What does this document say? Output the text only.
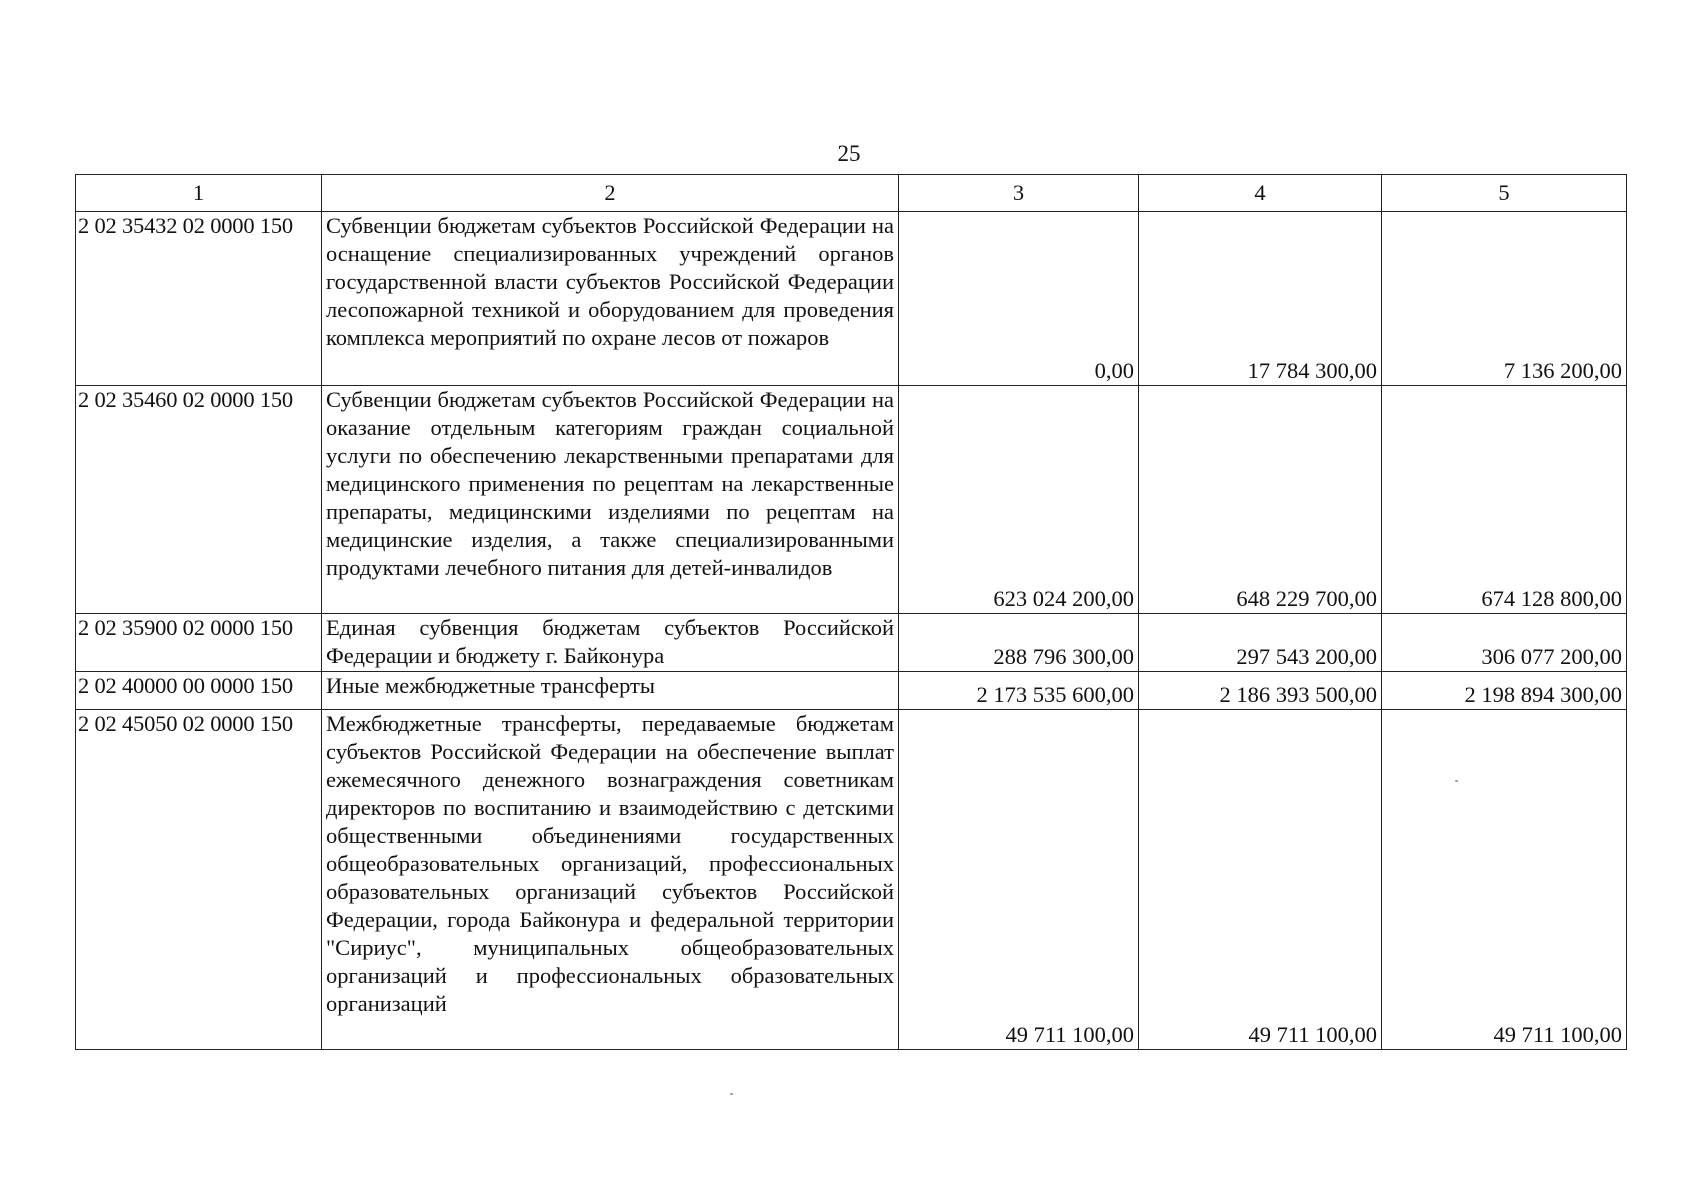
25
1	2	3	4	5
2 02 35432 02 0000 150	Субвенции бюджетам субъектов Российской Федерации на оснащение специализированных учреждений органов государственной власти субъектов Российской Федерации лесопожарной техникой и оборудованием для проведения комплекса мероприятий по охране лесов от пожаров	0,00	17 784 300,00	7 136 200,00
2 02 35460 02 0000 150	Субвенции бюджетам субъектов Российской Федерации на оказание отдельным категориям граждан социальной услуги по обеспечению лекарственными препаратами для медицинского применения по рецептам на лекарственные препараты, медицинскими изделиями по рецептам на медицинские изделия, а также специализированными продуктами лечебного питания для детей-инвалидов	623 024 200,00	648 229 700,00	674 128 800,00
2 02 35900 02 0000 150	Единая субвенция бюджетам субъектов Российской Федерации и бюджету г. Байконура	288 796 300,00	297 543 200,00	306 077 200,00
2 02 40000 00 0000 150	Иные межбюджетные трансферты	2 173 535 600,00	2 186 393 500,00	2 198 894 300,00
2 02 45050 02 0000 150	Межбюджетные трансферты, передаваемые бюджетам субъектов Российской Федерации на обеспечение выплат ежемесячного денежного вознаграждения советникам директоров по воспитанию и взаимодействию с детскими общественными объединениями государственных общеобразовательных организаций, профессиональных образовательных организаций субъектов Российской Федерации, города Байконура и федеральной территории "Сириус", муниципальных общеобразовательных организаций и профессиональных образовательных организаций	49 711 100,00	49 711 100,00	49 711 100,00
